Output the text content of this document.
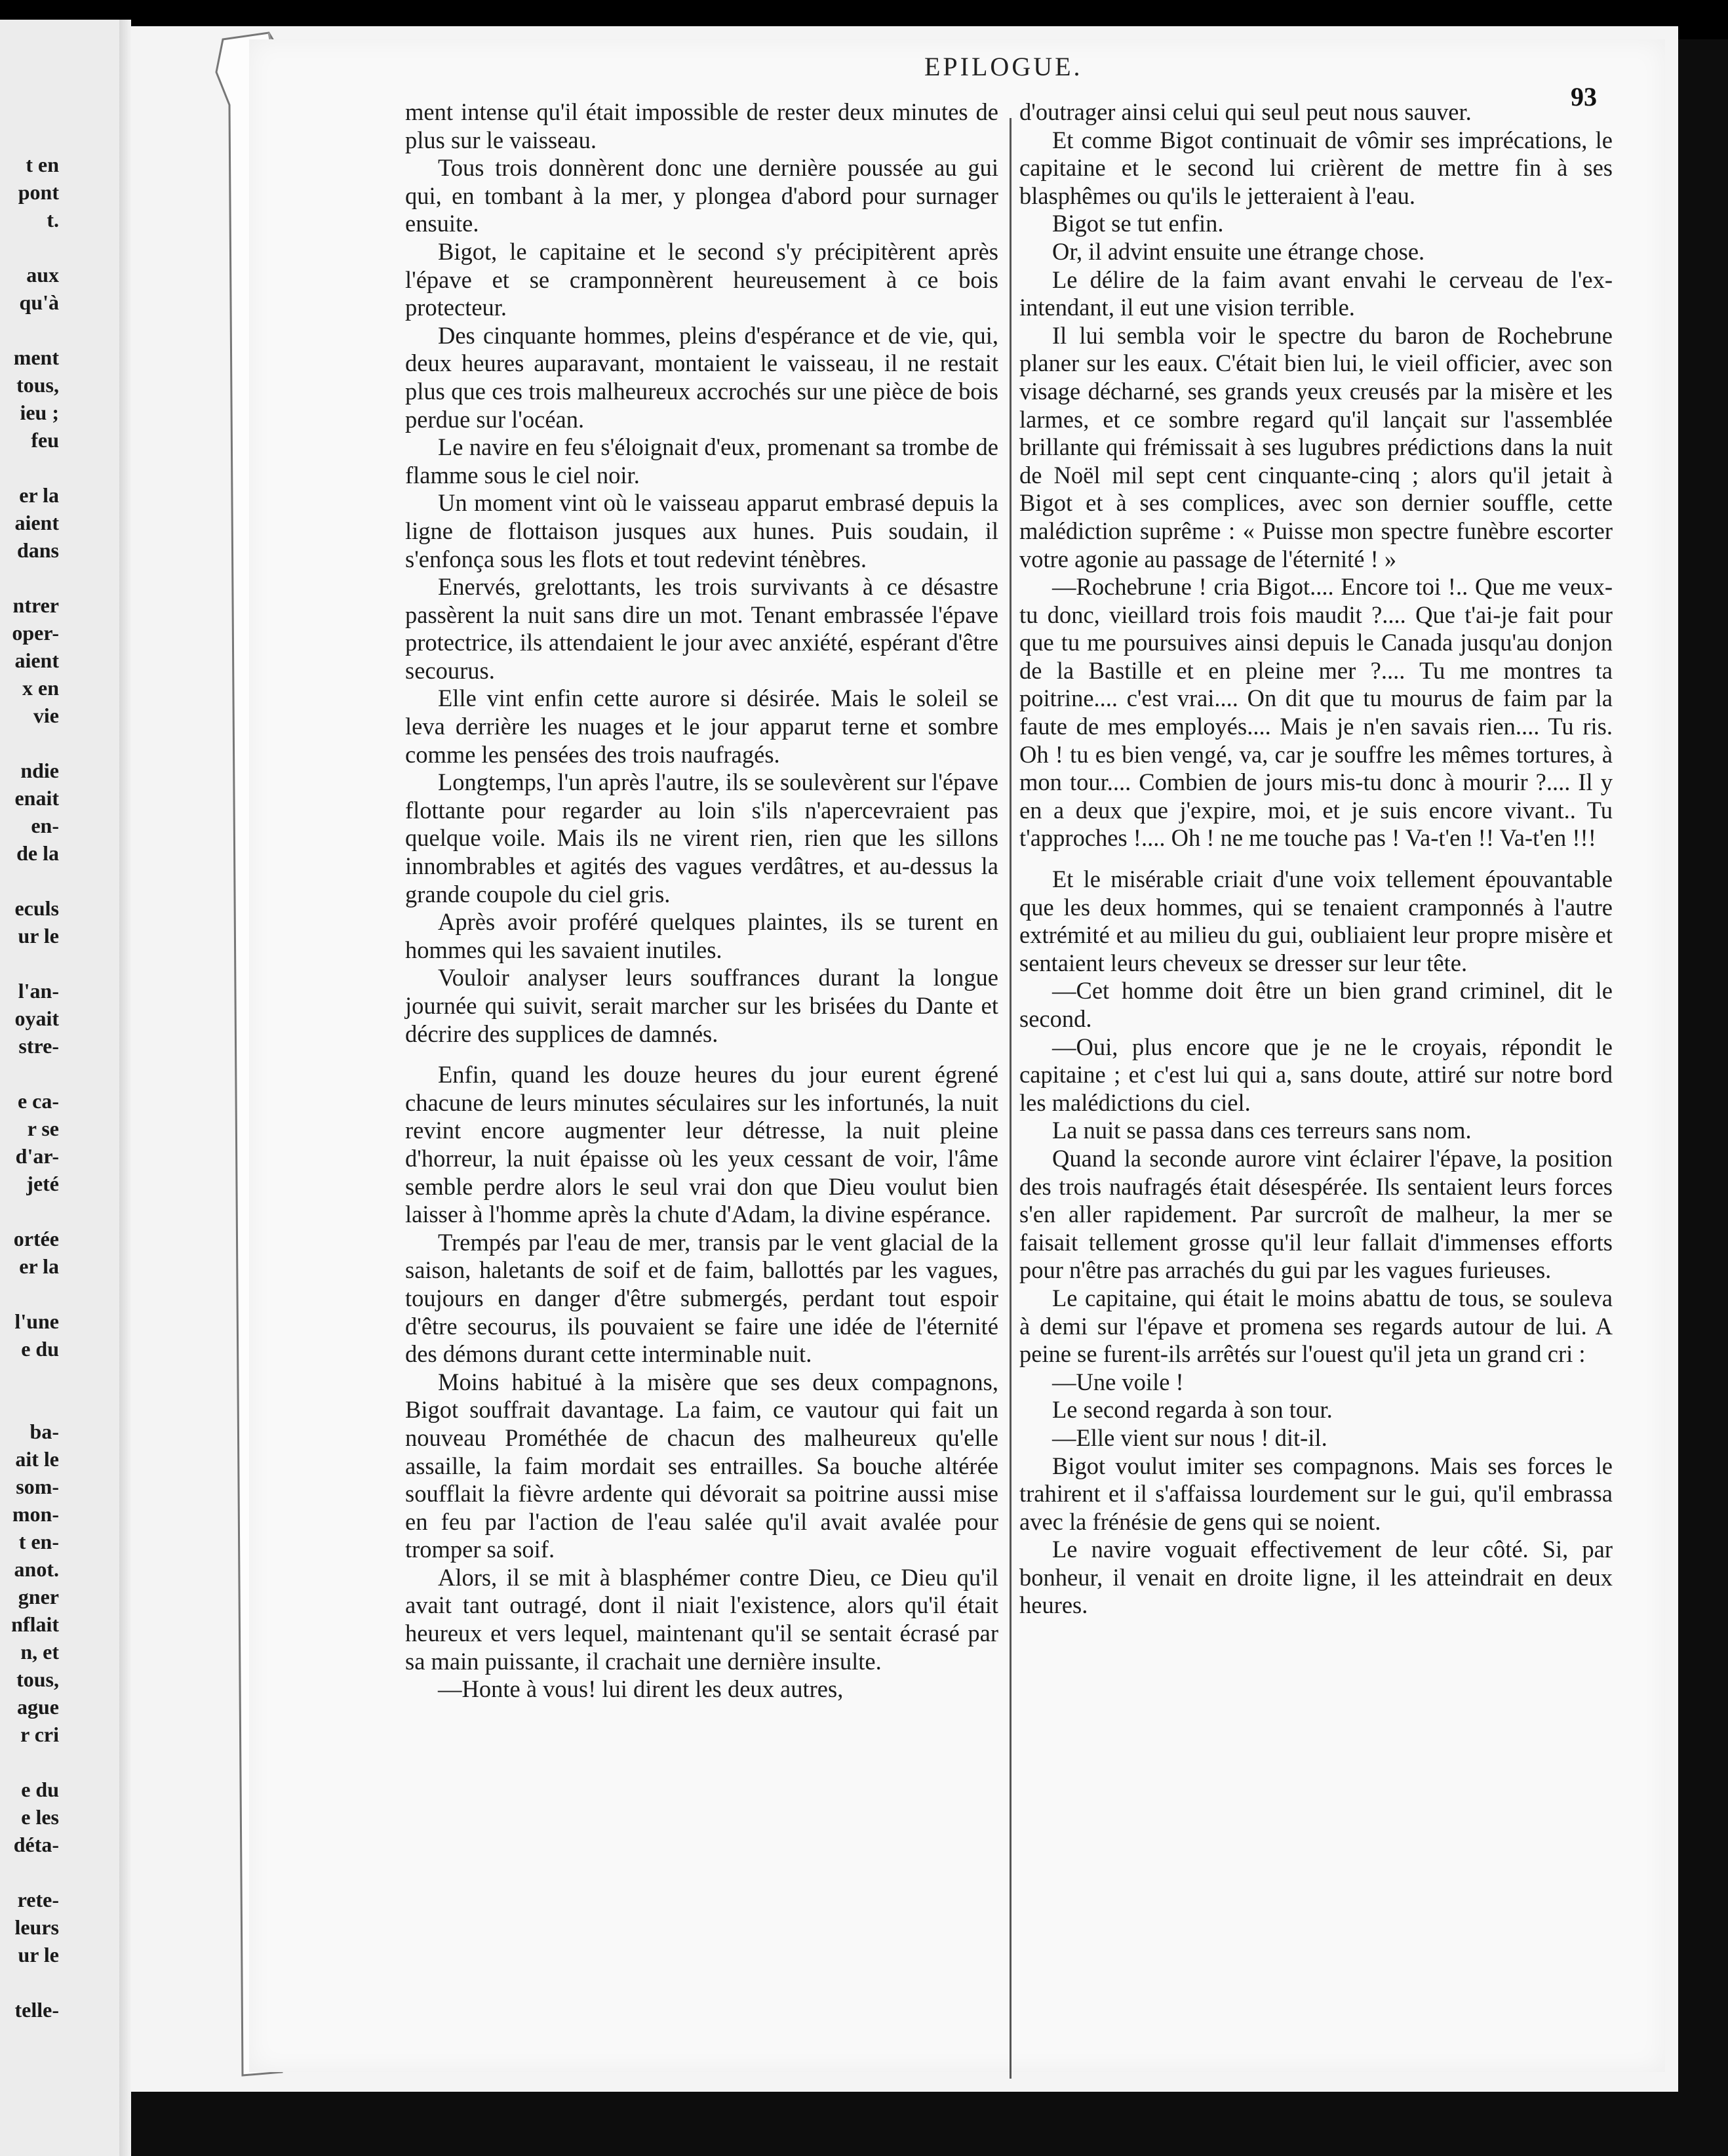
t en
pont
t.
aux
qu'à
ment
tous,
ieu ;
feu
er la
aient
dans
ntrer
oper-
aient
x en
vie
ndie
enait
en-
de la
eculs
ur le
l'an-
oyait
stre-
e ca-
r se
d'ar-
jeté
ortée
er la
l'une
e du
ba-
ait le
som-
mon-
t en-
anot.
gner
nflait
n, et
tous,
ague
r cri
e du
e les
déta-
rete-
leurs
ur le
telle-
EPILOGUE.
93

ment intense qu'il était impossible de rester deux minutes de plus sur le vaisseau.

Tous trois donnèrent donc une dernière poussée au gui qui, en tombant à la mer, y plongea d'abord pour surnager ensuite.

Bigot, le capitaine et le second s'y précipitèrent après l'épave et se cramponnèrent heureusement à ce bois protecteur.

Des cinquante hommes, pleins d'espérance et de vie, qui, deux heures auparavant, montaient le vaisseau, il ne restait plus que ces trois malheureux accrochés sur une pièce de bois perdue sur l'océan.

Le navire en feu s'éloignait d'eux, promenant sa trombe de flamme sous le ciel noir.

Un moment vint où le vaisseau apparut embrasé depuis la ligne de flottaison jusques aux hunes. Puis soudain, il s'enfonça sous les flots et tout redevint ténèbres.

Enervés, grelottants, les trois survivants à ce désastre passèrent la nuit sans dire un mot. Tenant embrassée l'épave protectrice, ils attendaient le jour avec anxiété, espérant d'être secourus.

Elle vint enfin cette aurore si désirée. Mais le soleil se leva derrière les nuages et le jour apparut terne et sombre comme les pensées des trois naufragés.

Longtemps, l'un après l'autre, ils se soulevèrent sur l'épave flottante pour regarder au loin s'ils n'apercevraient pas quelque voile. Mais ils ne virent rien, rien que les sillons innombrables et agités des vagues verdâtres, et au-dessus la grande coupole du ciel gris.

Après avoir proféré quelques plaintes, ils se turent en hommes qui les savaient inutiles.

Vouloir analyser leurs souffrances durant la longue journée qui suivit, serait marcher sur les brisées du Dante et décrire des supplices de damnés.

Enfin, quand les douze heures du jour eurent égrené chacune de leurs minutes séculaires sur les infortunés, la nuit revint encore augmenter leur détresse, la nuit pleine d'horreur, la nuit épaisse où les yeux cessant de voir, l'âme semble perdre alors le seul vrai don que Dieu voulut bien laisser à l'homme après la chute d'Adam, la divine espérance.

Trempés par l'eau de mer, transis par le vent glacial de la saison, haletants de soif et de faim, ballottés par les vagues, toujours en danger d'être submergés, perdant tout espoir d'être secourus, ils pouvaient se faire une idée de l'éternité des démons durant cette interminable nuit.

Moins habitué à la misère que ses deux compagnons, Bigot souffrait davantage. La faim, ce vautour qui fait un nouveau Prométhée de chacun des malheureux qu'elle assaille, la faim mordait ses entrailles. Sa bouche altérée soufflait la fièvre ardente qui dévorait sa poitrine aussi mise en feu par l'action de l'eau salée qu'il avait avalée pour tromper sa soif.

Alors, il se mit à blasphémer contre Dieu, ce Dieu qu'il avait tant outragé, dont il niait l'existence, alors qu'il était heureux et vers lequel, maintenant qu'il se sentait écrasé par sa main puissante, il crachait une dernière insulte.

—Honte à vous! lui dirent les deux autres,

d'outrager ainsi celui qui seul peut nous sauver.

Et comme Bigot continuait de vômir ses imprécations, le capitaine et le second lui crièrent de mettre fin à ses blasphêmes ou qu'ils le jetteraient à l'eau.

Bigot se tut enfin.

Or, il advint ensuite une étrange chose.

Le délire de la faim avant envahi le cerveau de l'ex-intendant, il eut une vision terrible.

Il lui sembla voir le spectre du baron de Rochebrune planer sur les eaux. C'était bien lui, le vieil officier, avec son visage décharné, ses grands yeux creusés par la misère et les larmes, et ce sombre regard qu'il lançait sur l'assemblée brillante qui frémissait à ses lugubres prédictions dans la nuit de Noël mil sept cent cinquante-cinq ; alors qu'il jetait à Bigot et à ses complices, avec son dernier souffle, cette malédiction suprême : « Puisse mon spectre funèbre escorter votre agonie au passage de l'éternité ! »

—Rochebrune ! cria Bigot.... Encore toi !.. Que me veux-tu donc, vieillard trois fois maudit ?.... Que t'ai-je fait pour que tu me poursuives ainsi depuis le Canada jusqu'au donjon de la Bastille et en pleine mer ?.... Tu me montres ta poitrine.... c'est vrai.... On dit que tu mourus de faim par la faute de mes employés.... Mais je n'en savais rien.... Tu ris. Oh ! tu es bien vengé, va, car je souffre les mêmes tortures, à mon tour.... Combien de jours mis-tu donc à mourir ?.... Il y en a deux que j'expire, moi, et je suis encore vivant.. Tu t'approches !.... Oh ! ne me touche pas ! Va-t'en !! Va-t'en !!!

Et le misérable criait d'une voix tellement épouvantable que les deux hommes, qui se tenaient cramponnés à l'autre extrémité et au milieu du gui, oubliaient leur propre misère et sentaient leurs cheveux se dresser sur leur tête.

—Cet homme doit être un bien grand criminel, dit le second.

—Oui, plus encore que je ne le croyais, répondit le capitaine ; et c'est lui qui a, sans doute, attiré sur notre bord les malédictions du ciel.

La nuit se passa dans ces terreurs sans nom.

Quand la seconde aurore vint éclairer l'épave, la position des trois naufragés était désespérée. Ils sentaient leurs forces s'en aller rapidement. Par surcroît de malheur, la mer se faisait tellement grosse qu'il leur fallait d'immenses efforts pour n'être pas arrachés du gui par les vagues furieuses.

Le capitaine, qui était le moins abattu de tous, se souleva à demi sur l'épave et promena ses regards autour de lui. A peine se furent-ils arrêtés sur l'ouest qu'il jeta un grand cri :

—Une voile !

Le second regarda à son tour.

—Elle vient sur nous ! dit-il.

Bigot voulut imiter ses compagnons. Mais ses forces le trahirent et il s'affaissa lourdement sur le gui, qu'il embrassa avec la frénésie de gens qui se noient.

Le navire voguait effectivement de leur côté. Si, par bonheur, il venait en droite ligne, il les atteindrait en deux heures.
